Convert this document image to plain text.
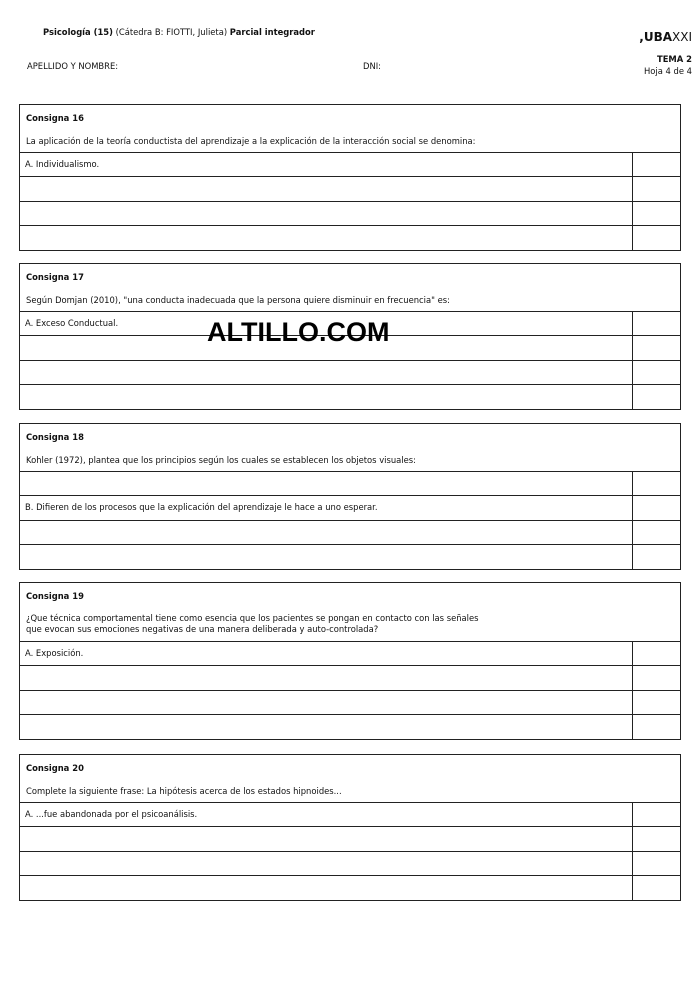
Psicología (15) (Cátedra B: FIOTTI, Julieta) Parcial integrador	,UBAXXI
APELLIDO Y NOMBRE:	DNI:
TEMA 2
Hoja 4 de 4
Consigna 16
La aplicación de la teoría conductista del aprendizaje a la explicación de la interacción social se denomina:
A. Individualismo.
Consigna 17
Según Domjan (2010), "una conducta inadecuada que la persona quiere disminuir en frecuencia" es:
A. Exceso Conductual.
Consigna 18
Kohler (1972), plantea que los principios según los cuales se establecen los objetos visuales:
B. Difieren de los procesos que la explicación del aprendizaje le hace a uno esperar.
Consigna 19
¿Que técnica comportamental tiene como esencia que los pacientes se pongan en contacto con las señales
que evocan sus emociones negativas de una manera deliberada y auto-controlada?
A. Exposición.
Consigna 20
Complete la siguiente frase: La hipótesis acerca de los estados hipnoides...
A. ...fue abandonada por el psicoanálisis.
ALTILLO.COM
